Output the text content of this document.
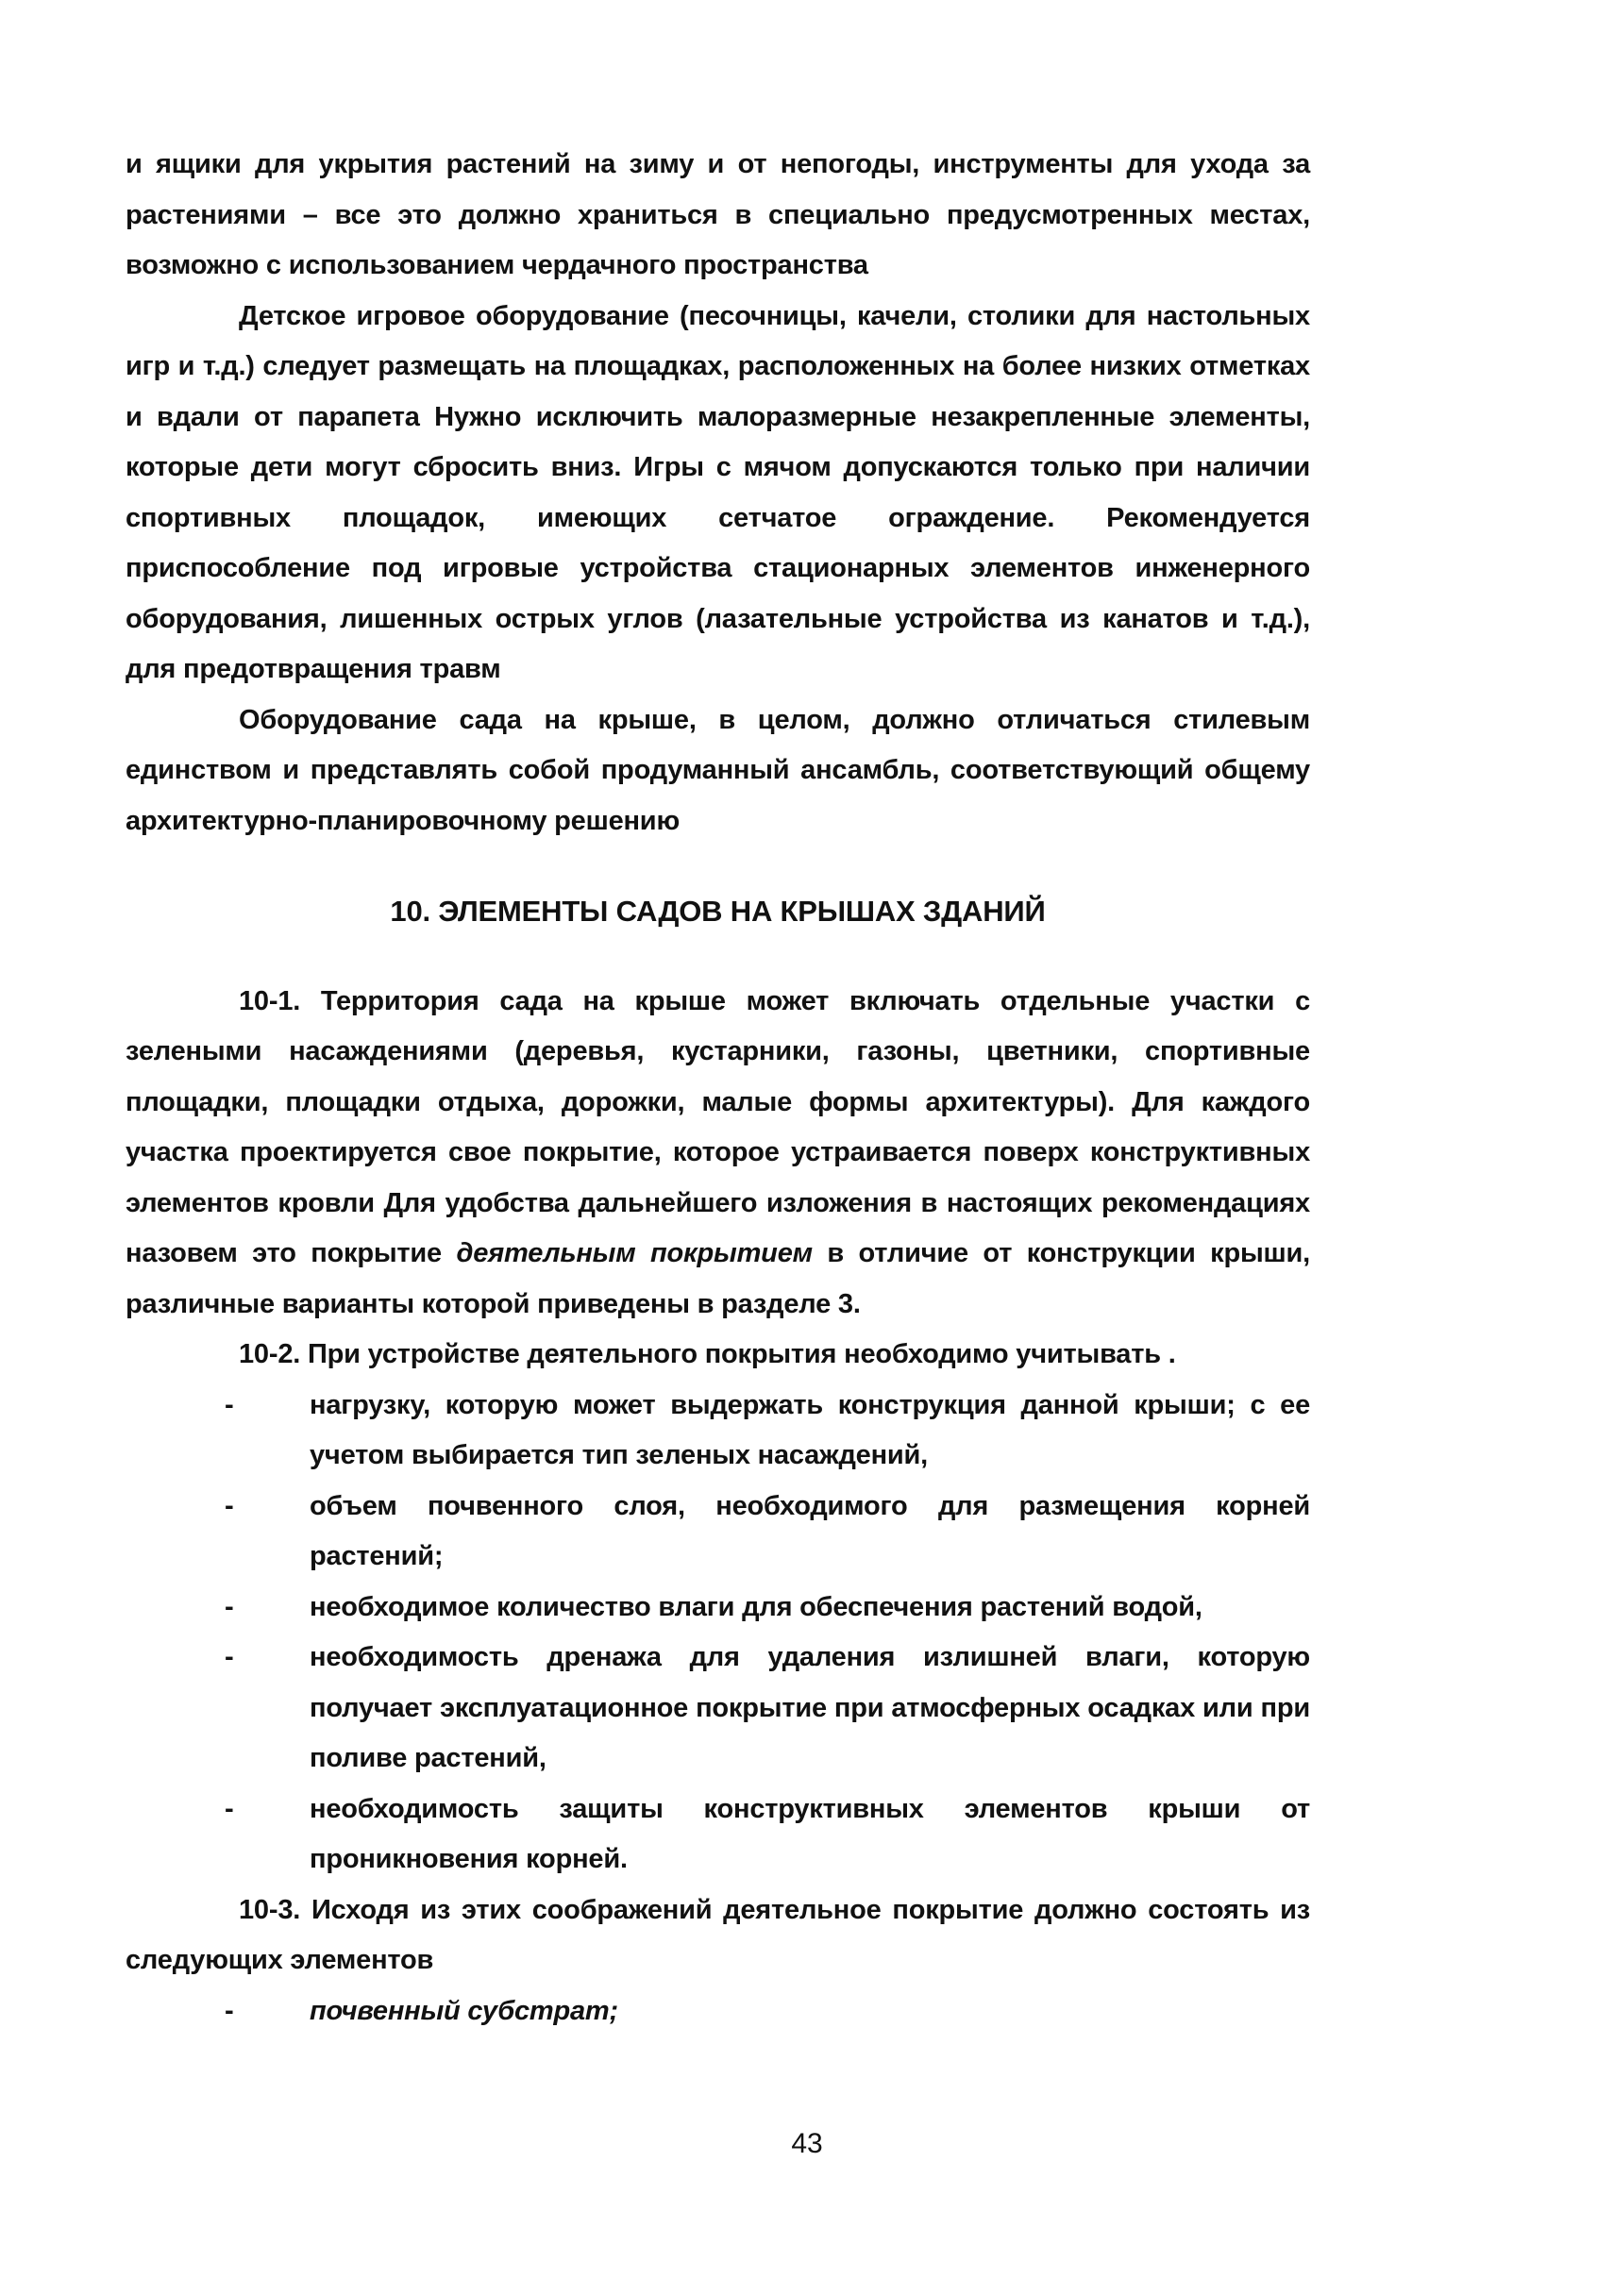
и ящики для укрытия растений на зиму и от непогоды, инструменты для ухода за растениями – все это должно храниться в специально предусмотренных местах, возможно с использованием чердачного пространства

Детское игровое оборудование (песочницы, качели, столики для настольных игр и т.д.) следует размещать на площадках, расположенных на более низких отметках и вдали от парапета Нужно исключить малоразмерные незакрепленные элементы, которые дети могут сбросить вниз. Игры с мячом допускаются только при наличии спортивных площадок, имеющих сетчатое ограждение. Рекомендуется приспособление под игровые устройства стационарных элементов инженерного оборудования, лишенных острых углов (лазательные устройства из канатов и т.д.), для предотвращения травм

Оборудование сада на крыше, в целом, должно отличаться стилевым единством и представлять собой продуманный ансамбль, соответствующий общему архитектурно-планировочному решению

10. ЭЛЕМЕНТЫ САДОВ НА КРЫШАХ ЗДАНИЙ

10-1. Территория сада на крыше может включать отдельные участки с зелеными насаждениями (деревья, кустарники, газоны, цветники, спортивные площадки, площадки отдыха, дорожки, малые формы архитектуры). Для каждого участка проектируется свое покрытие, которое устраивается поверх конструктивных элементов кровли Для удобства дальнейшего изложения в настоящих рекомендациях назовем это покрытие деятельным покрытием в отличие от конструкции крыши, различные варианты которой приведены в разделе 3.

10-2. При устройстве деятельного покрытия необходимо учитывать .

-	нагрузку, которую может выдержать конструкция данной крыши; с ее учетом выбирается тип зеленых насаждений,

-	объем почвенного слоя, необходимого для размещения корней растений;

-	необходимое количество влаги для обеспечения растений водой,

-	необходимость дренажа для удаления излишней влаги, которую получает эксплуатационное покрытие при атмосферных осадках или при поливе растений,

-	необходимость защиты конструктивных элементов крыши от проникновения корней.

10-3. Исходя из этих соображений деятельное покрытие должно состоять из следующих элементов

-	почвенный субстрат;

43
